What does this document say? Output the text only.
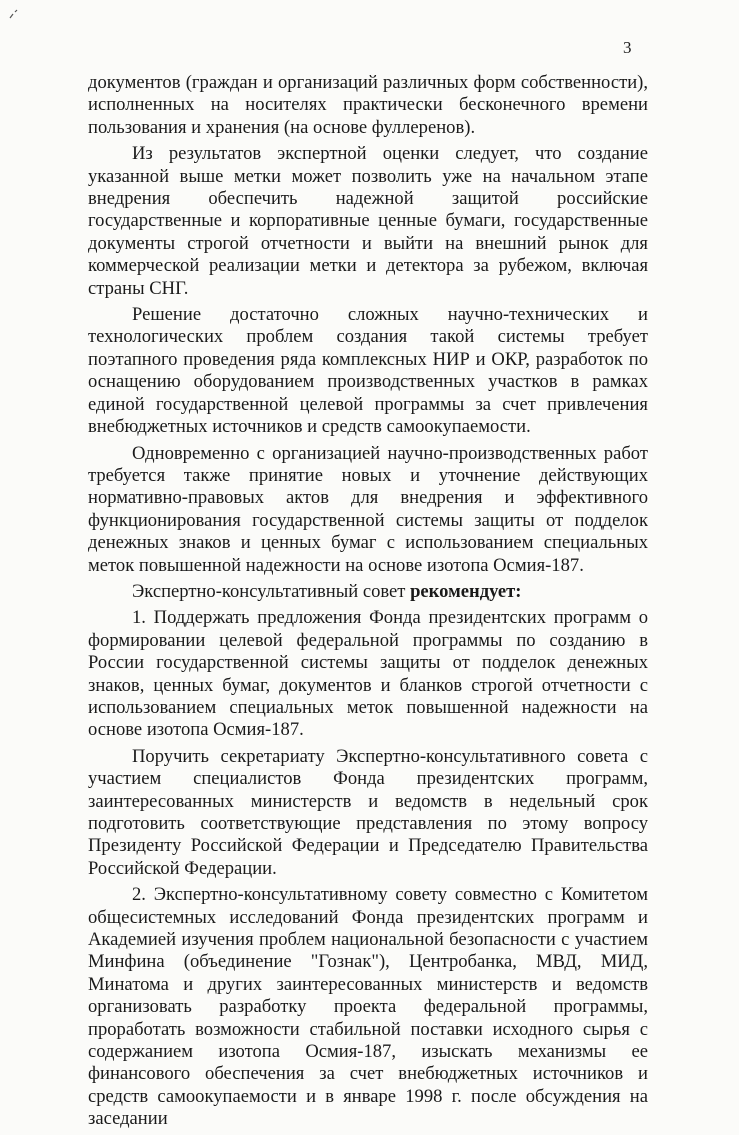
3

документов (граждан и организаций различных форм собственности), исполненных на носителях практически бесконечного времени пользования и хранения (на основе фуллеренов).

Из результатов экспертной оценки следует, что создание указанной выше метки может позволить уже на начальном этапе внедрения обеспечить надежной защитой российские государственные и корпоративные ценные бумаги, государственные документы строгой отчетности и выйти на внешний рынок для коммерческой реализации метки и детектора за рубежом, включая страны СНГ.

Решение достаточно сложных научно-технических и технологических проблем создания такой системы требует поэтапного проведения ряда комплексных НИР и ОКР, разработок по оснащению оборудованием производственных участков в рамках единой государственной целевой программы за счет привлечения внебюджетных источников и средств самоокупаемости.

Одновременно с организацией научно-производственных работ требуется также принятие новых и уточнение действующих нормативно-правовых актов для внедрения и эффективного функционирования государственной системы защиты от подделок денежных знаков и ценных бумаг с использованием специальных меток повышенной надежности на основе изотопа Осмия-187.

Экспертно-консультативный совет рекомендует:

1. Поддержать предложения Фонда президентских программ о формировании целевой федеральной программы по созданию в России государственной системы защиты от подделок денежных знаков, ценных бумаг, документов и бланков строгой отчетности с использованием специальных меток повышенной надежности на основе изотопа Осмия-187.

Поручить секретариату Экспертно-консультативного совета с участием специалистов Фонда президентских программ, заинтересованных министерств и ведомств в недельный срок подготовить соответствующие представления по этому вопросу Президенту Российской Федерации и Председателю Правительства Российской Федерации.

2. Экспертно-консультативному совету совместно с Комитетом общесистемных исследований Фонда президентских программ и Академией изучения проблем национальной безопасности с участием Минфина (объединение "Гознак"), Центробанка, МВД, МИД, Минатома и других заинтересованных министерств и ведомств организовать разработку проекта федеральной программы, проработать возможности стабильной поставки исходного сырья с содержанием изотопа Осмия-187, изыскать механизмы ее финансового обеспечения за счет внебюджетных источников и средств самоокупаемости и в январе 1998 г. после обсуждения на заседании
